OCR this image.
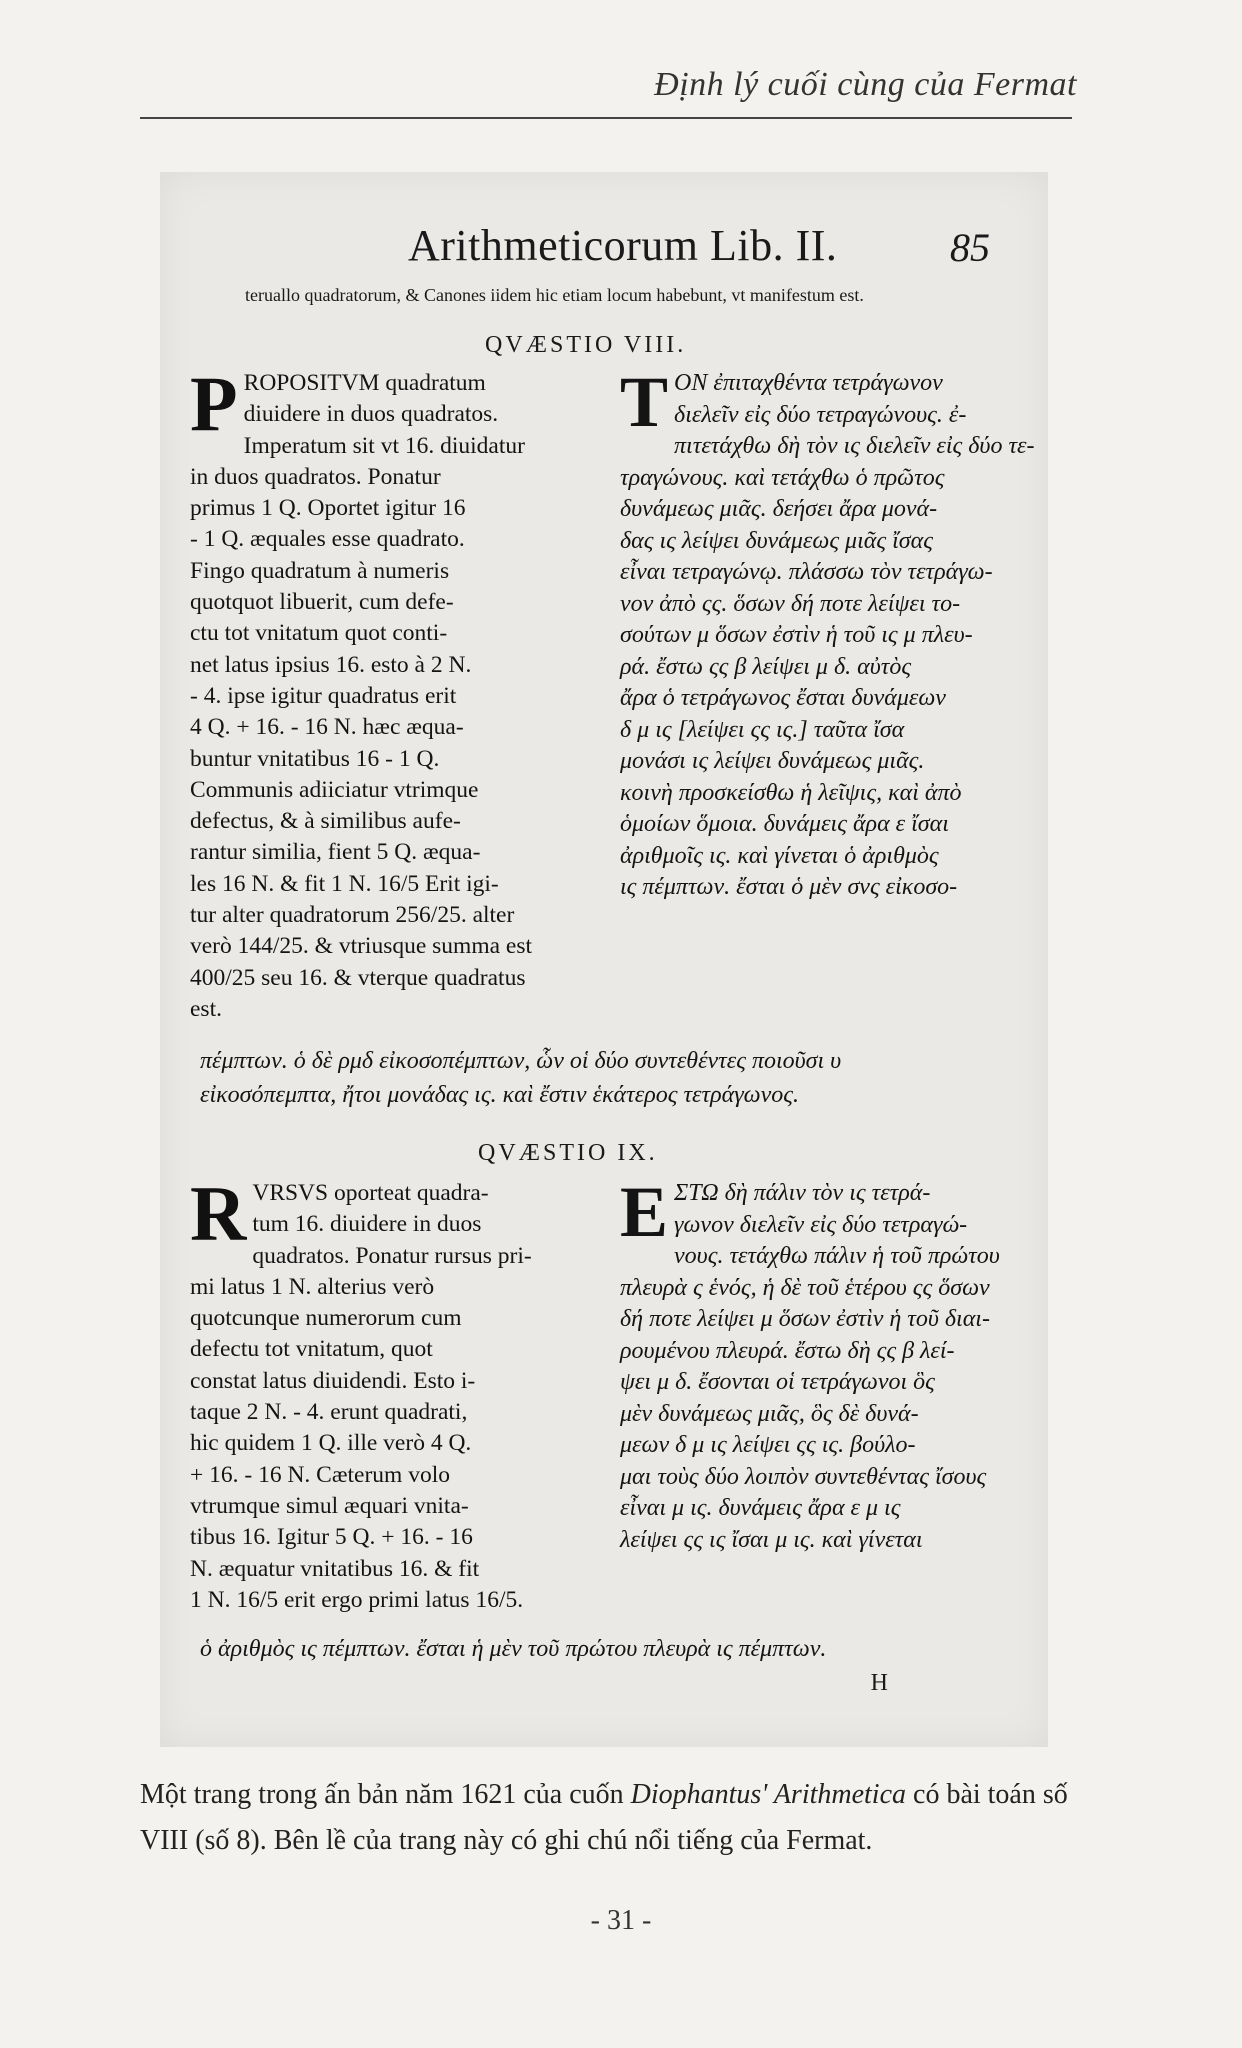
Định lý cuối cùng của Fermat
Arithmeticorum Lib. II.	85
teruallo quadratorum, & Canones iidem hic etiam locum habebunt, vt manifestum est.
QVÆSTIO VIII.
P ROPOSITVM quadratum
diuidere in duos quadratos.
Imperatum sit vt 16. diuidatur
in duos quadratos. Ponatur
primus 1 Q. Oportet igitur 16
- 1 Q. æquales esse quadrato.
Fingo quadratum à numeris
quotquot libuerit, cum defe-
ctu tot vnitatum quot conti-
net latus ipsius 16. esto à 2 N.
- 4. ipse igitur quadratus erit
4 Q. + 16. - 16 N. hæc æqua-
buntur vnitatibus 16 - 1 Q.
Communis adiiciatur vtrimque
defectus, & à similibus aufe-
rantur similia, fient 5 Q. æqua-
les 16 N. & fit 1 N. 16/5 Erit igi-
tur alter quadratorum 256/25. alter
verò 144/25. & vtriusque summa est
400/25 seu 16. & vterque quadratus
est.
T ON ἐπιταχθέντα τετράγωνον
διελεῖν εἰς δύο τετραγώνους. ἐ-
πιτετάχθω δὴ τὸν ις διελεῖν εἰς δύο τε-
τραγώνους. καὶ τετάχθω ὁ πρῶτος
δυνάμεως μιᾶς. δεήσει ἄρα μονά-
δας ις λείψει δυνάμεως μιᾶς ἴσας
εἶναι τετραγώνῳ. πλάσσω τὸν τετράγω-
νον ἀπὸ ςς. ὅσων δή ποτε λείψει το-
σούτων μ ὅσων ἐστὶν ἡ τοῦ ις μ πλευ-
ρά. ἔστω ςς β λείψει μ δ. αὐτὸς
ἄρα ὁ τετράγωνος ἔσται δυνάμεων
δ μ ις [λείψει ςς ις.] ταῦτα ἴσα
μονάσι ις λείψει δυνάμεως μιᾶς.
κοινὴ προσκείσθω ἡ λεῖψις, καὶ ἀπὸ
ὁμοίων ὅμοια. δυνάμεις ἄρα ε ἴσαι
ἀριθμοῖς ις. καὶ γίνεται ὁ ἀριθμὸς
ις πέμπτων. ἔσται ὁ μὲν σνς εἰκοσο-
πέμπτων. ὁ δὲ ρμδ εἰκοσοπέμπτων, ὧν οἱ δύο συντεθέντες ποιοῦσι υ
εἰκοσόπεμπτα, ἤτοι μονάδας ις. καὶ ἔστιν ἑκάτερος τετράγωνος.
QVÆSTIO IX.
R VRSVS oporteat quadra-
tum 16. diuidere in duos
quadratos. Ponatur rursus pri-
mi latus 1 N. alterius verò
quotcunque numerorum cum
defectu tot vnitatum, quot
constat latus diuidendi. Esto i-
taque 2 N. - 4. erunt quadrati,
hic quidem 1 Q. ille verò 4 Q.
+ 16. - 16 N. Cæterum volo
vtrumque simul æquari vnita-
tibus 16. Igitur 5 Q. + 16. - 16
N. æquatur vnitatibus 16. & fit
1 N. 16/5 erit ergo primi latus 16/5.
E ΣΤΩ δὴ πάλιν τὸν ις τετρά-
γωνον διελεῖν εἰς δύο τετραγώ-
νους. τετάχθω πάλιν ἡ τοῦ πρώτου
πλευρὰ ς ἑνός, ἡ δὲ τοῦ ἑτέρου ςς ὅσων
δή ποτε λείψει μ ὅσων ἐστὶν ἡ τοῦ διαι-
ρουμένου πλευρά. ἔστω δὴ ςς β λεί-
ψει μ δ. ἔσονται οἱ τετράγωνοι ὃς
μὲν δυνάμεως μιᾶς, ὃς δὲ δυνά-
μεων δ μ ις λείψει ςς ις. βούλο-
μαι τοὺς δύο λοιπὸν συντεθέντας ἴσους
εἶναι μ ις. δυνάμεις ἄρα ε μ ις
λείψει ςς ις ἴσαι μ ις. καὶ γίνεται
ὁ ἀριθμὸς ις πέμπτων. ἔσται ἡ μὲν τοῦ πρώτου πλευρὰ ις πέμπτων.
H
Một trang trong ấn bản năm 1621 của cuốn Diophantus' Arithmetica có bài toán số VIII (số 8). Bên lề của trang này có ghi chú nổi tiếng của Fermat.
- 31 -
